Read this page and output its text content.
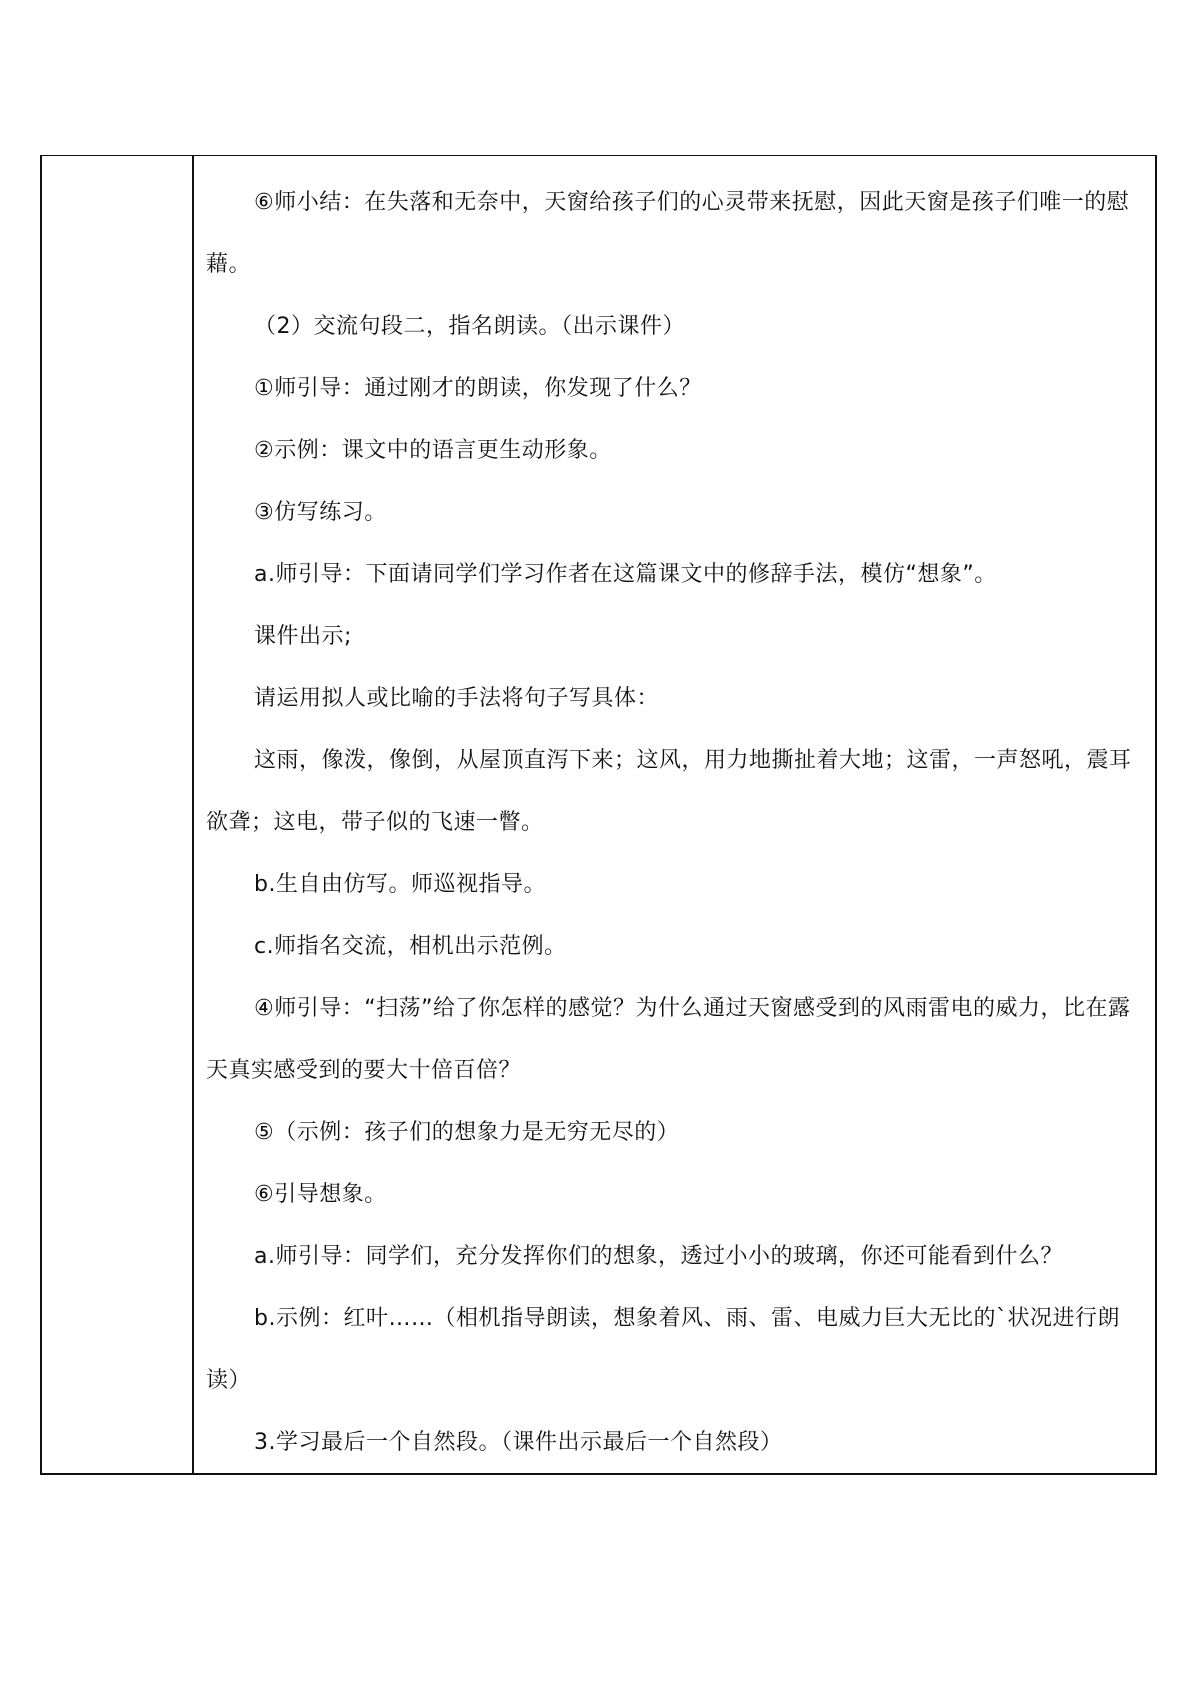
⑥师小结：在失落和无奈中，天窗给孩子们的心灵带来抚慰，因此天窗是孩子们唯一的慰藉。

（2）交流句段二，指名朗读。（出示课件）

①师引导：通过刚才的朗读，你发现了什么？

②示例：课文中的语言更生动形象。

③仿写练习。

a.师引导：下面请同学们学习作者在这篇课文中的修辞手法，模仿“想象”。

课件出示;

请运用拟人或比喻的手法将句子写具体：

这雨，像泼，像倒，从屋顶直泻下来；这风，用力地撕扯着大地；这雷，一声怒吼，震耳欲聋；这电，带子似的飞速一瞥。

b.生自由仿写。师巡视指导。

c.师指名交流，相机出示范例。

④师引导：“扫荡”给了你怎样的感觉？为什么通过天窗感受到的风雨雷电的威力，比在露天真实感受到的要大十倍百倍？

⑤（示例：孩子们的想象力是无穷无尽的）

⑥引导想象。

a.师引导：同学们，充分发挥你们的想象，透过小小的玻璃，你还可能看到什么？

b.示例：红叶……（相机指导朗读，想象着风、雨、雷、电威力巨大无比的`状况进行朗读）

3.学习最后一个自然段。（课件出示最后一个自然段）
